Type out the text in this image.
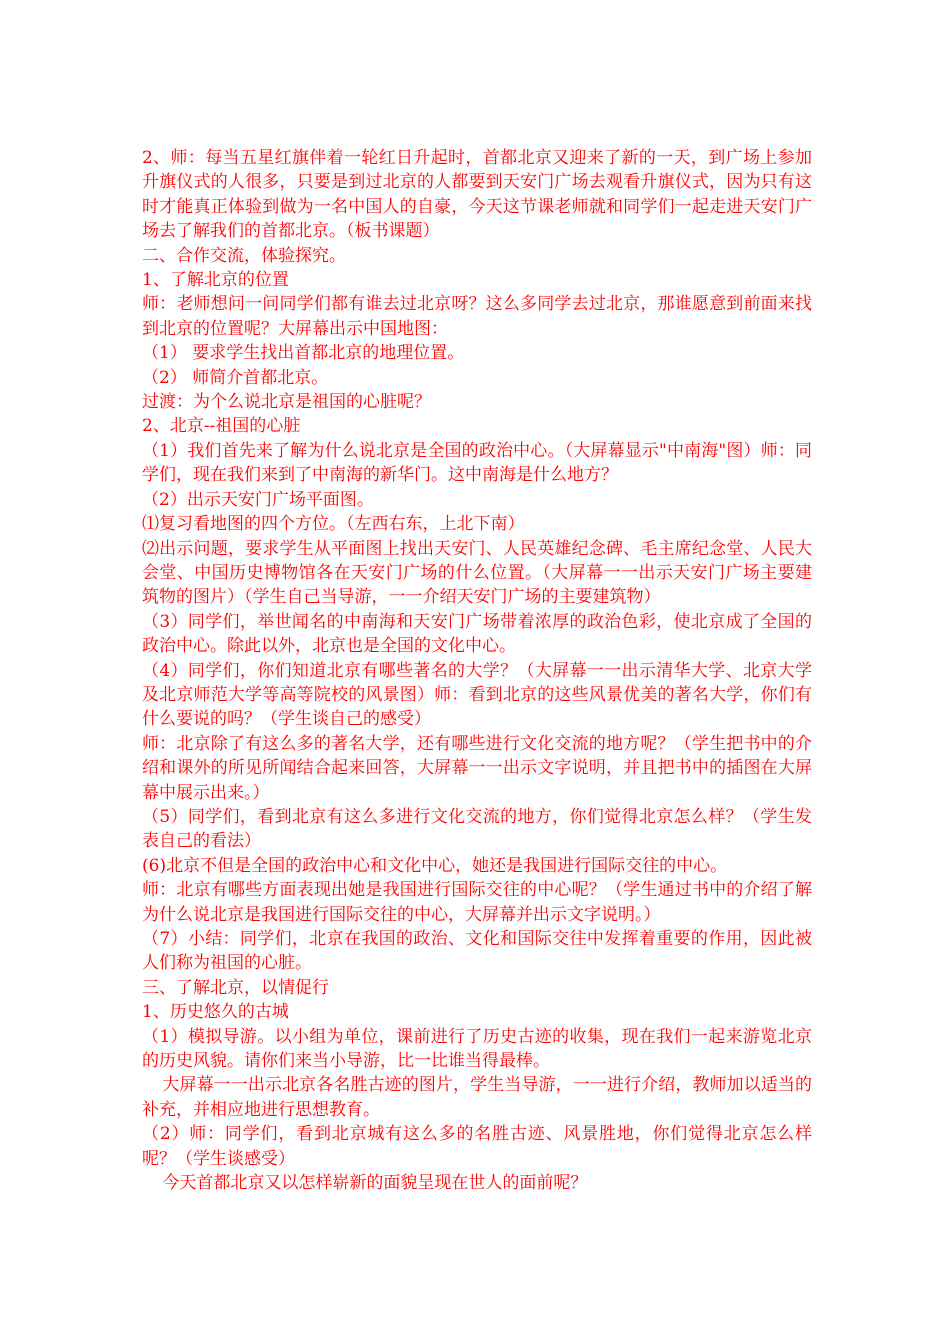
2、师：每当五星红旗伴着一轮红日升起时，首都北京又迎来了新的一天，到广场上参加升旗仪式的人很多，只要是到过北京的人都要到天安门广场去观看升旗仪式，因为只有这时才能真正体验到做为一名中国人的自豪，今天这节课老师就和同学们一起走进天安门广场去了解我们的首都北京。（板书课题）

二、合作交流，体验探究。

1、了解北京的位置

师：老师想问一问同学们都有谁去过北京呀？这么多同学去过北京，那谁愿意到前面来找到北京的位置呢？大屏幕出示中国地图：

（1） 要求学生找出首都北京的地理位置。

（2） 师简介首都北京。

过渡：为个么说北京是祖国的心脏呢？

2、北京--祖国的心脏

（1）我们首先来了解为什么说北京是全国的政治中心。（大屏幕显示"中南海"图）师：同学们，现在我们来到了中南海的新华门。这中南海是什么地方？

（2）出示天安门广场平面图。

⑴复习看地图的四个方位。（左西右东，上北下南）

⑵出示问题，要求学生从平面图上找出天安门、人民英雄纪念碑、毛主席纪念堂、人民大会堂、中国历史博物馆各在天安门广场的什么位置。（大屏幕一一出示天安门广场主要建筑物的图片）（学生自己当导游，一一介绍天安门广场的主要建筑物）

（3）同学们，举世闻名的中南海和天安门广场带着浓厚的政治色彩，使北京成了全国的政治中心。除此以外，北京也是全国的文化中心。

（4）同学们，你们知道北京有哪些著名的大学？（大屏幕一一出示清华大学、北京大学及北京师范大学等高等院校的风景图）师：看到北京的这些风景优美的著名大学，你们有什么要说的吗？（学生谈自己的感受）

师：北京除了有这么多的著名大学，还有哪些进行文化交流的地方呢？（学生把书中的介绍和课外的所见所闻结合起来回答，大屏幕一一出示文字说明，并且把书中的插图在大屏幕中展示出来。）

（5）同学们，看到北京有这么多进行文化交流的地方，你们觉得北京怎么样？（学生发表自己的看法）

(6)北京不但是全国的政治中心和文化中心，她还是我国进行国际交往的中心。

师：北京有哪些方面表现出她是我国进行国际交往的中心呢？（学生通过书中的介绍了解为什么说北京是我国进行国际交往的中心，大屏幕并出示文字说明。）

（7）小结：同学们，北京在我国的政治、文化和国际交往中发挥着重要的作用，因此被人们称为祖国的心脏。

三、了解北京，以情促行

1、历史悠久的古城

（1）模拟导游。以小组为单位，课前进行了历史古迹的收集，现在我们一起来游览北京的历史风貌。请你们来当小导游，比一比谁当得最棒。

大屏幕一一出示北京各名胜古迹的图片，学生当导游，一一进行介绍，教师加以适当的补充，并相应地进行思想教育。

（2）师：同学们，看到北京城有这么多的名胜古迹、风景胜地，你们觉得北京怎么样呢？（学生谈感受）

今天首都北京又以怎样崭新的面貌呈现在世人的面前呢？
